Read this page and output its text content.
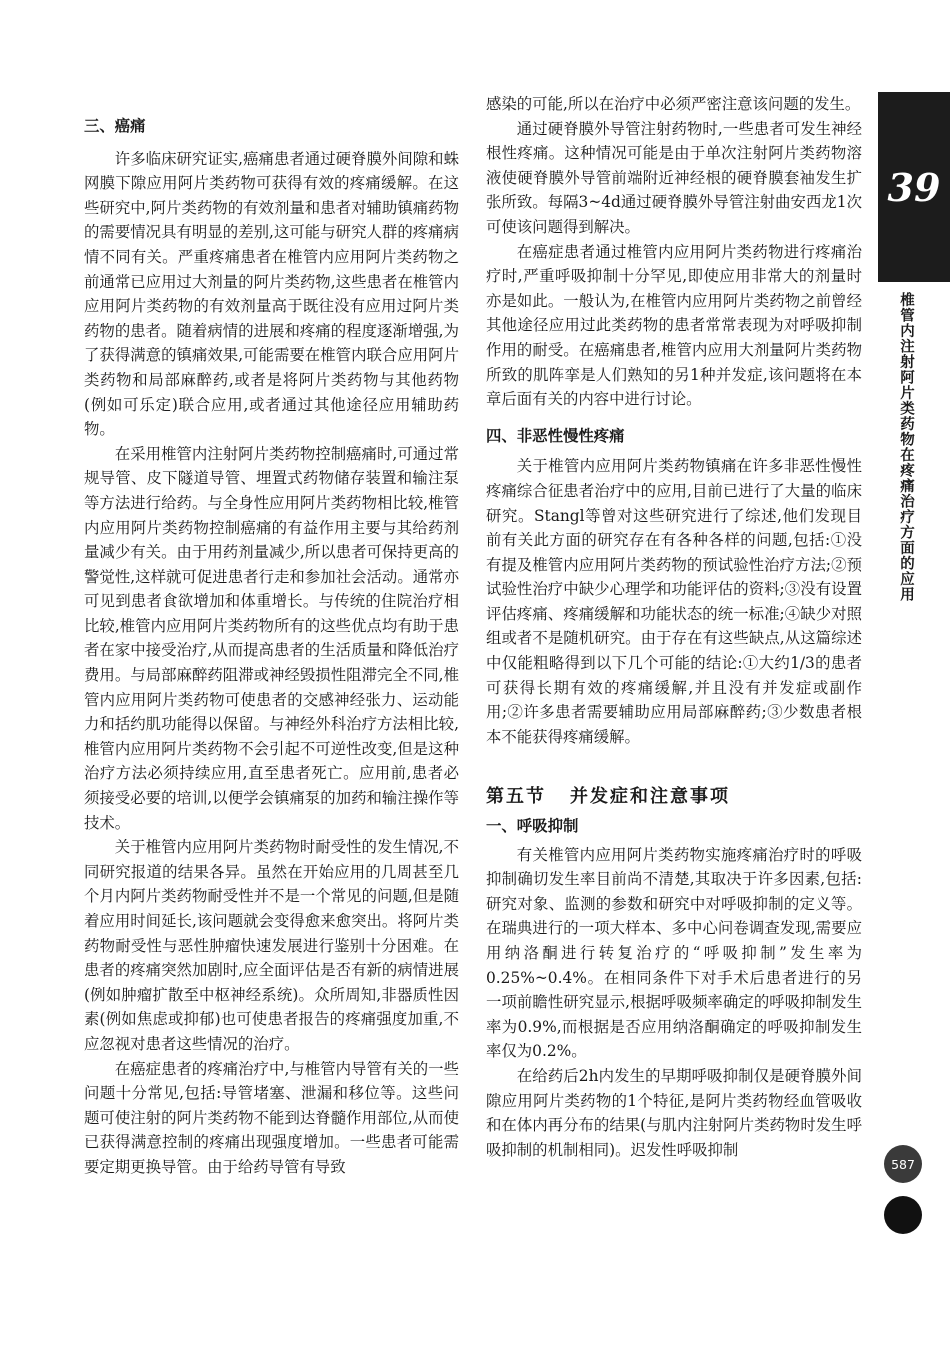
三、癌痛

许多临床研究证实,癌痛患者通过硬脊膜外间隙和蛛网膜下隙应用阿片类药物可获得有效的疼痛缓解。在这些研究中,阿片类药物的有效剂量和患者对辅助镇痛药物的需要情况具有明显的差别,这可能与研究人群的疼痛病情不同有关。严重疼痛患者在椎管内应用阿片类药物之前通常已应用过大剂量的阿片类药物,这些患者在椎管内应用阿片类药物的有效剂量高于既往没有应用过阿片类药物的患者。随着病情的进展和疼痛的程度逐渐增强,为了获得满意的镇痛效果,可能需要在椎管内联合应用阿片类药物和局部麻醉药,或者是将阿片类药物与其他药物(例如可乐定)联合应用,或者通过其他途径应用辅助药物。

在采用椎管内注射阿片类药物控制癌痛时,可通过常规导管、皮下隧道导管、埋置式药物储存装置和输注泵等方法进行给药。与全身性应用阿片类药物相比较,椎管内应用阿片类药物控制癌痛的有益作用主要与其给药剂量减少有关。由于用药剂量减少,所以患者可保持更高的警觉性,这样就可促进患者行走和参加社会活动。通常亦可见到患者食欲增加和体重增长。与传统的住院治疗相比较,椎管内应用阿片类药物所有的这些优点均有助于患者在家中接受治疗,从而提高患者的生活质量和降低治疗费用。与局部麻醉药阻滞或神经毁损性阻滞完全不同,椎管内应用阿片类药物可使患者的交感神经张力、运动能力和括约肌功能得以保留。与神经外科治疗方法相比较,椎管内应用阿片类药物不会引起不可逆性改变,但是这种治疗方法必须持续应用,直至患者死亡。应用前,患者必须接受必要的培训,以便学会镇痛泵的加药和输注操作等技术。

关于椎管内应用阿片类药物时耐受性的发生情况,不同研究报道的结果各异。虽然在开始应用的几周甚至几个月内阿片类药物耐受性并不是一个常见的问题,但是随着应用时间延长,该问题就会变得愈来愈突出。将阿片类药物耐受性与恶性肿瘤快速发展进行鉴别十分困难。在患者的疼痛突然加剧时,应全面评估是否有新的病情进展(例如肿瘤扩散至中枢神经系统)。众所周知,非器质性因素(例如焦虑或抑郁)也可使患者报告的疼痛强度加重,不应忽视对患者这些情况的治疗。

在癌症患者的疼痛治疗中,与椎管内导管有关的一些问题十分常见,包括:导管堵塞、泄漏和移位等。这些问题可使注射的阿片类药物不能到达脊髓作用部位,从而使已获得满意控制的疼痛出现强度增加。一些患者可能需要定期更换导管。由于给药导管有导致

感染的可能,所以在治疗中必须严密注意该问题的发生。

通过硬脊膜外导管注射药物时,一些患者可发生神经根性疼痛。这种情况可能是由于单次注射阿片类药物溶液使硬脊膜外导管前端附近神经根的硬脊膜套袖发生扩张所致。每隔3~4d通过硬脊膜外导管注射曲安西龙1次可使该问题得到解决。

在癌症患者通过椎管内应用阿片类药物进行疼痛治疗时,严重呼吸抑制十分罕见,即使应用非常大的剂量时亦是如此。一般认为,在椎管内应用阿片类药物之前曾经其他途径应用过此类药物的患者常常表现为对呼吸抑制作用的耐受。在癌痛患者,椎管内应用大剂量阿片类药物所致的肌阵挛是人们熟知的另1种并发症,该问题将在本章后面有关的内容中进行讨论。

四、非恶性慢性疼痛

关于椎管内应用阿片类药物镇痛在许多非恶性慢性疼痛综合征患者治疗中的应用,目前已进行了大量的临床研究。Stangl等曾对这些研究进行了综述,他们发现目前有关此方面的研究存在有各种各样的问题,包括:①没有提及椎管内应用阿片类药物的预试验性治疗方法;②预试验性治疗中缺少心理学和功能评估的资料;③没有设置评估疼痛、疼痛缓解和功能状态的统一标准;④缺少对照组或者不是随机研究。由于存在有这些缺点,从这篇综述中仅能粗略得到以下几个可能的结论:①大约1/3的患者可获得长期有效的疼痛缓解,并且没有并发症或副作用;②许多患者需要辅助应用局部麻醉药;③少数患者根本不能获得疼痛缓解。

第五节 并发症和注意事项
一、呼吸抑制

有关椎管内应用阿片类药物实施疼痛治疗时的呼吸抑制确切发生率目前尚不清楚,其取决于许多因素,包括:研究对象、监测的参数和研究中对呼吸抑制的定义等。在瑞典进行的一项大样本、多中心问卷调查发现,需要应用纳洛酮进行转复治疗的“呼吸抑制”发生率为0.25%~0.4%。在相同条件下对手术后患者进行的另一项前瞻性研究显示,根据呼吸频率确定的呼吸抑制发生率为0.9%,而根据是否应用纳洛酮确定的呼吸抑制发生率仅为0.2%。

在给药后2h内发生的早期呼吸抑制仅是硬脊膜外间隙应用阿片类药物的1个特征,是阿片类药物经血管吸收和在体内再分布的结果(与肌内注射阿片类药物时发生呼吸抑制的机制相同)。迟发性呼吸抑制

39
椎管内注射阿片类药物在疼痛治疗方面的应用
587
